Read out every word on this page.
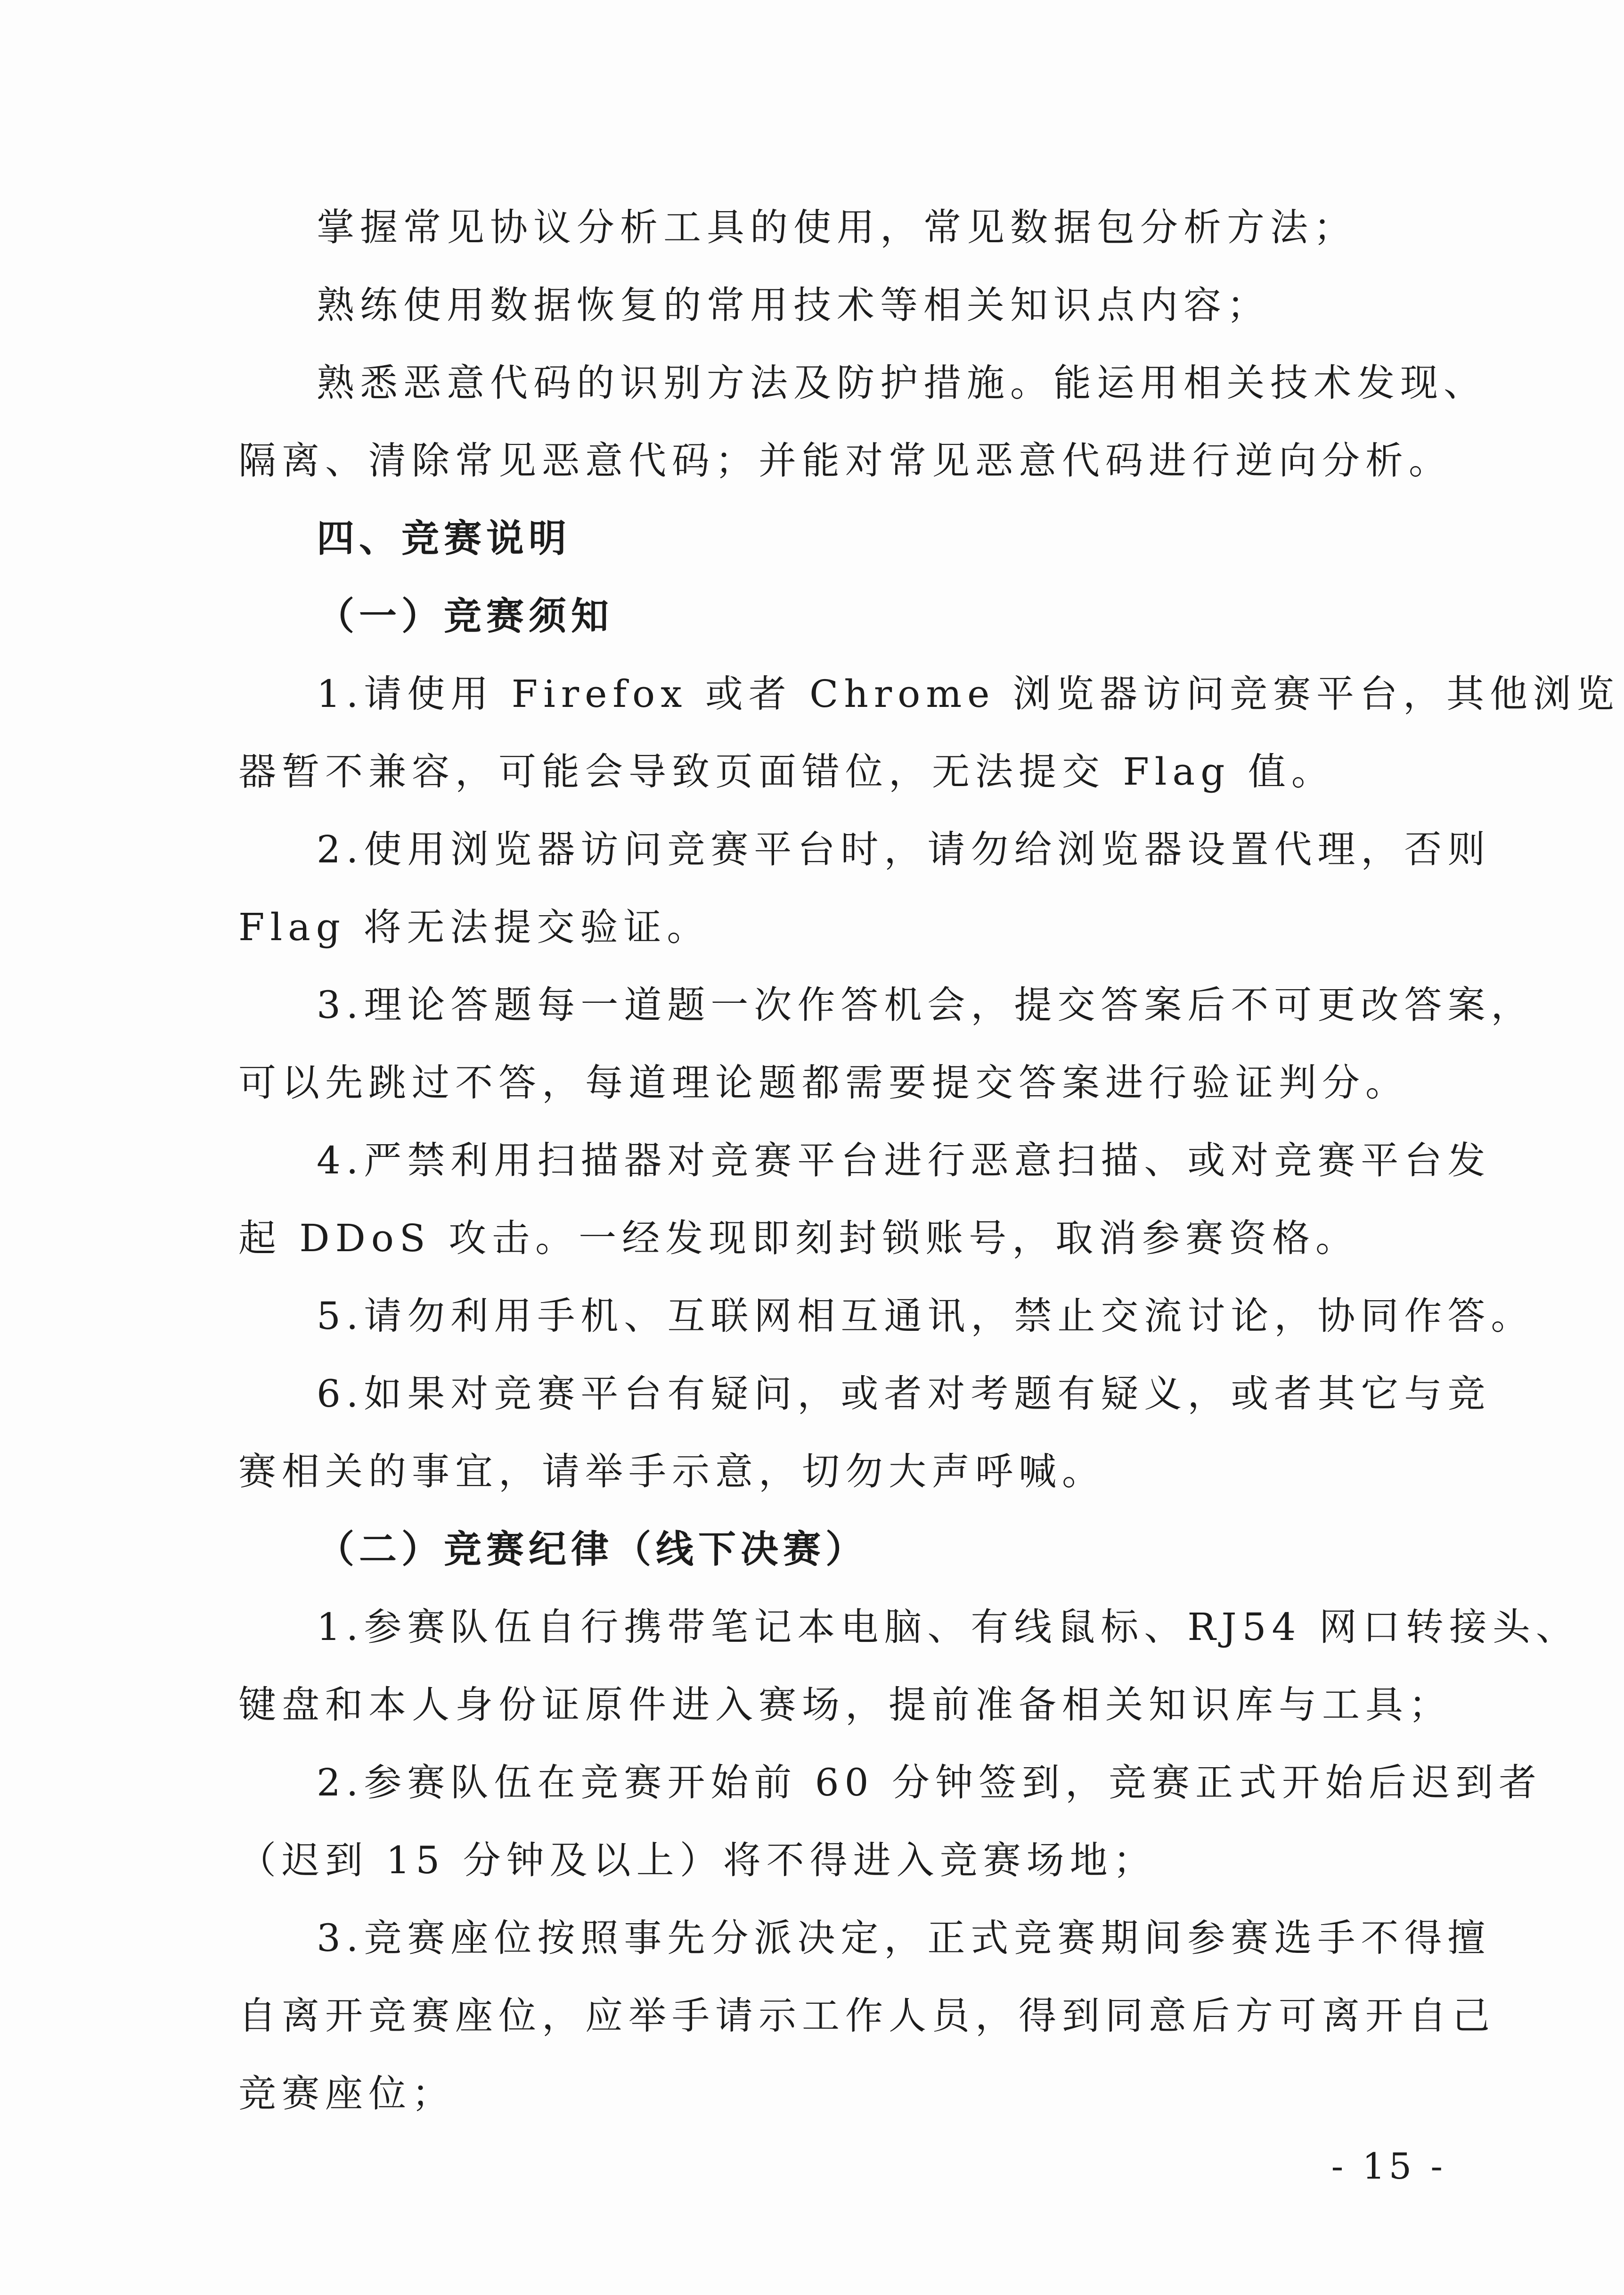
掌握常见协议分析工具的使用，常见数据包分析方法；

熟练使用数据恢复的常用技术等相关知识点内容；

熟悉恶意代码的识别方法及防护措施。能运用相关技术发现、

隔离、清除常见恶意代码；并能对常见恶意代码进行逆向分析。

四、竞赛说明

（一）竞赛须知

1.请使用 Firefox 或者 Chrome 浏览器访问竞赛平台，其他浏览

器暂不兼容，可能会导致页面错位，无法提交 Flag 值。

2.使用浏览器访问竞赛平台时，请勿给浏览器设置代理，否则

Flag 将无法提交验证。

3.理论答题每一道题一次作答机会，提交答案后不可更改答案，

可以先跳过不答，每道理论题都需要提交答案进行验证判分。

4.严禁利用扫描器对竞赛平台进行恶意扫描、或对竞赛平台发

起 DDoS 攻击。一经发现即刻封锁账号，取消参赛资格。

5.请勿利用手机、互联网相互通讯，禁止交流讨论，协同作答。

6.如果对竞赛平台有疑问，或者对考题有疑义，或者其它与竞

赛相关的事宜，请举手示意，切勿大声呼喊。

（二）竞赛纪律（线下决赛）

1.参赛队伍自行携带笔记本电脑、有线鼠标、RJ54 网口转接头、

键盘和本人身份证原件进入赛场，提前准备相关知识库与工具；

2.参赛队伍在竞赛开始前 60 分钟签到，竞赛正式开始后迟到者

（迟到 15 分钟及以上）将不得进入竞赛场地；

3.竞赛座位按照事先分派决定，正式竞赛期间参赛选手不得擅

自离开竞赛座位，应举手请示工作人员，得到同意后方可离开自己

竞赛座位；

- 15 -
